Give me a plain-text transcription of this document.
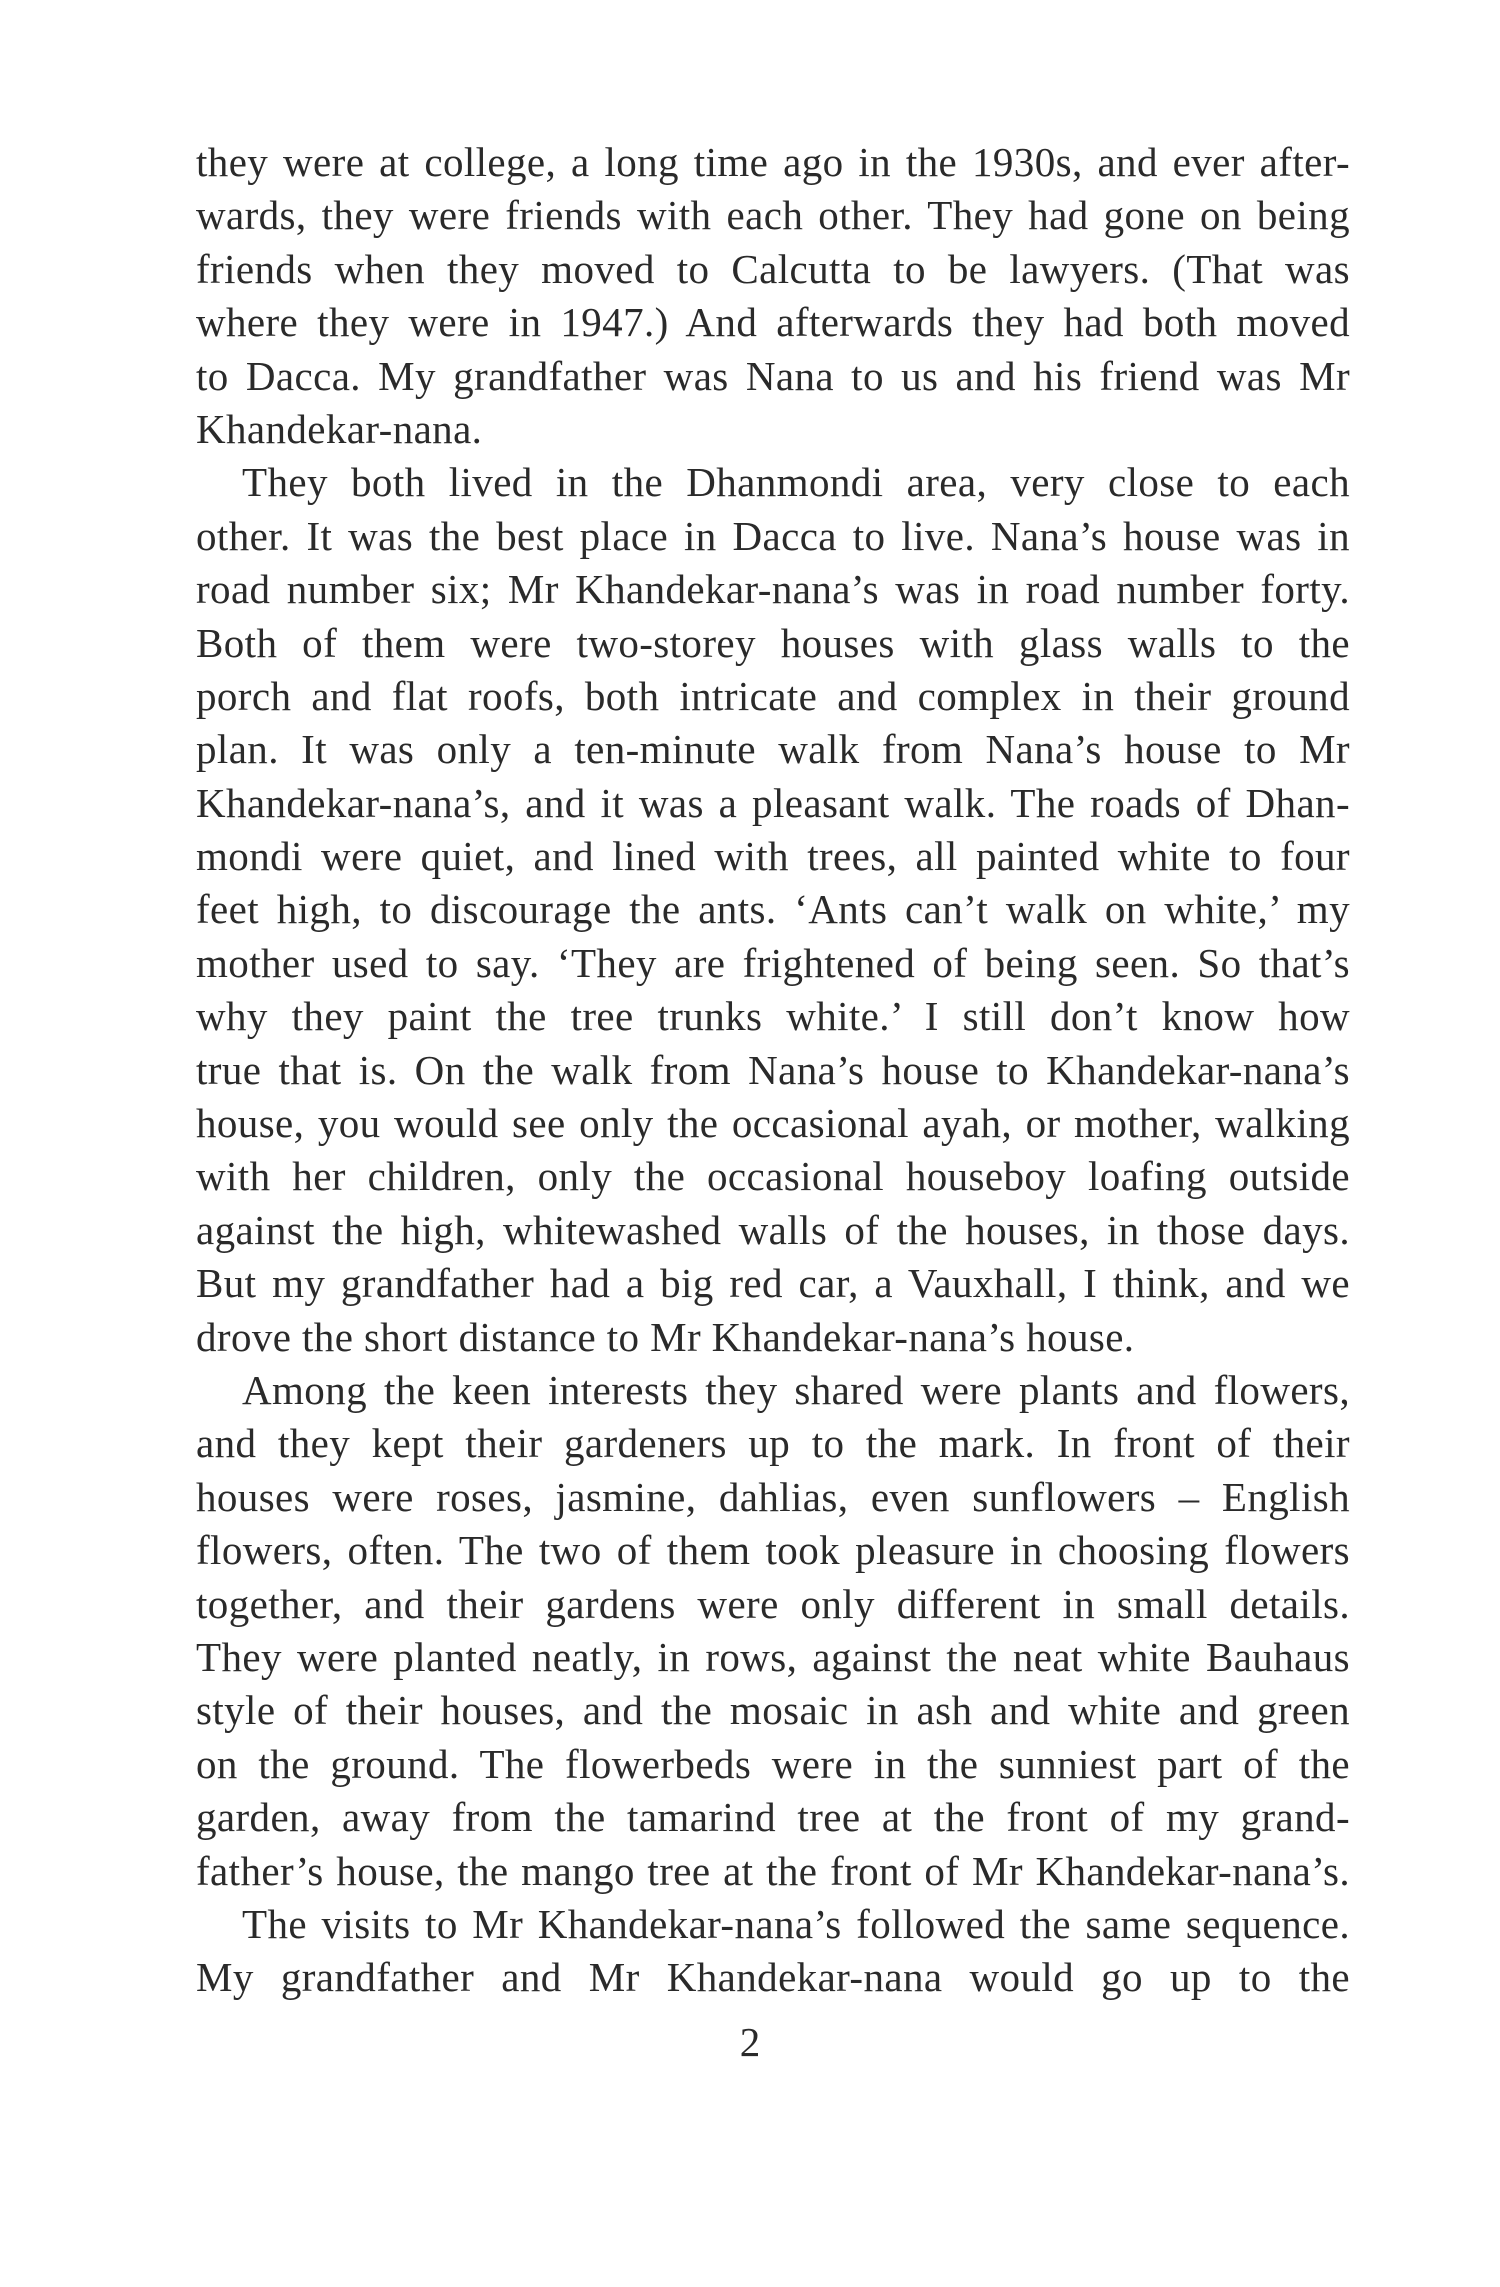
they were at college, a long time ago in the 1930s, and ever after-
wards, they were friends with each other. They had gone on being
friends when they moved to Calcutta to be lawyers. (That was
where they were in 1947.) And afterwards they had both moved
to Dacca. My grandfather was Nana to us and his friend was Mr
Khandekar-nana.
They both lived in the Dhanmondi area, very close to each
other. It was the best place in Dacca to live. Nana’s house was in
road number six; Mr Khandekar-nana’s was in road number forty.
Both of them were two-storey houses with glass walls to the
porch and flat roofs, both intricate and complex in their ground
plan. It was only a ten-minute walk from Nana’s house to Mr
Khandekar-nana’s, and it was a pleasant walk. The roads of Dhan-
mondi were quiet, and lined with trees, all painted white to four
feet high, to discourage the ants. ‘Ants can’t walk on white,’ my
mother used to say. ‘They are frightened of being seen. So that’s
why they paint the tree trunks white.’ I still don’t know how
true that is. On the walk from Nana’s house to Khandekar-nana’s
house, you would see only the occasional ayah, or mother, walking
with her children, only the occasional houseboy loafing outside
against the high, whitewashed walls of the houses, in those days.
But my grandfather had a big red car, a Vauxhall, I think, and we
drove the short distance to Mr Khandekar-nana’s house.
Among the keen interests they shared were plants and flowers,
and they kept their gardeners up to the mark. In front of their
houses were roses, jasmine, dahlias, even sunflowers – English
flowers, often. The two of them took pleasure in choosing flowers
together, and their gardens were only different in small details.
They were planted neatly, in rows, against the neat white Bauhaus
style of their houses, and the mosaic in ash and white and green
on the ground. The flowerbeds were in the sunniest part of the
garden, away from the tamarind tree at the front of my grand-
father’s house, the mango tree at the front of Mr Khandekar-nana’s.
The visits to Mr Khandekar-nana’s followed the same sequence.
My grandfather and Mr Khandekar-nana would go up to the
2
